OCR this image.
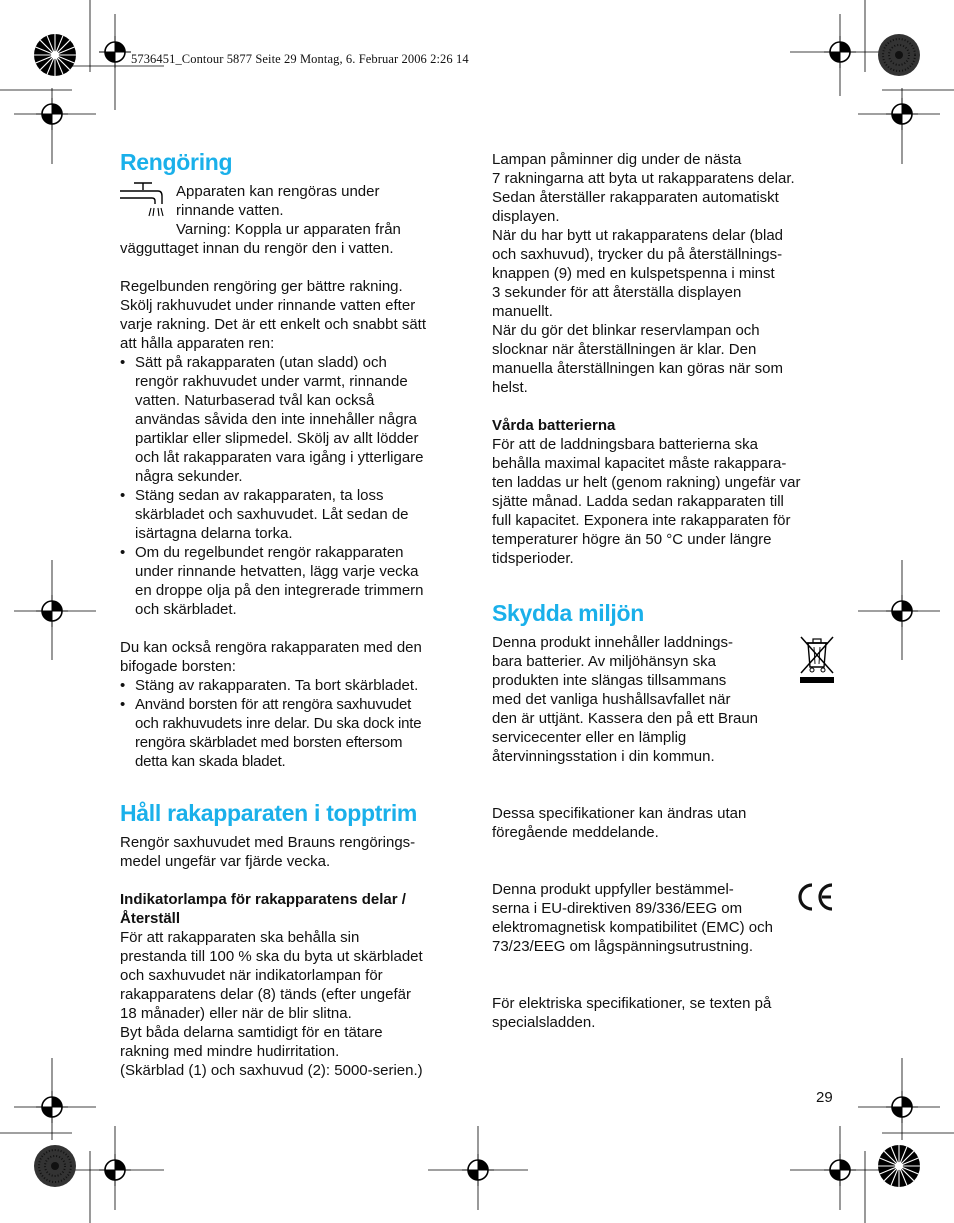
5736451_Contour 5877 Seite 29 Montag, 6. Februar 2006 2:26 14
Rengöring

Apparaten kan rengöras under

rinnande vatten.

Varning: Koppla ur apparaten från

vägguttaget innan du rengör den i vatten.

Regelbunden rengöring ger bättre rakning.

Skölj rakhuvudet under rinnande vatten efter

varje rakning. Det är ett enkelt och snabbt sätt

att hålla apparaten ren:

• Sätt på rakapparaten (utan sladd) och
rengör rakhuvudet under varmt, rinnande
vatten. Naturbaserad tvål kan också
användas såvida den inte innehåller några
partiklar eller slipmedel. Skölj av allt lödder
och låt rakapparaten vara igång i ytterligare
några sekunder.
• Stäng sedan av rakapparaten, ta loss
skärbladet och saxhuvudet. Låt sedan de
isärtagna delarna torka.
• Om du regelbundet rengör rakapparaten
under rinnande hetvatten, lägg varje vecka
en droppe olja på den integrerade trimmern
och skärbladet.

Du kan också rengöra rakapparaten med den

bifogade borsten:

• Stäng av rakapparaten. Ta bort skärbladet.
• Använd borsten för att rengöra saxhuvudet
och rakhuvudets inre delar. Du ska dock inte
rengöra skärbladet med borsten eftersom
detta kan skada bladet.
Håll rakapparaten i topptrim

Rengör saxhuvudet med Brauns rengörings-

medel ungefär var fjärde vecka.

Indikatorlampa för rakapparatens delar /

Återställ

För att rakapparaten ska behålla sin

prestanda till 100 % ska du byta ut skärbladet

och saxhuvudet när indikatorlampan för

rakapparatens delar (8) tänds (efter ungefär

18 månader) eller när de blir slitna.

Byt båda delarna samtidigt för en tätare

rakning med mindre hudirritation.

(Skärblad (1) och saxhuvud (2): 5000-serien.)

Lampan påminner dig under de nästa

7 rakningarna att byta ut rakapparatens delar.

Sedan återställer rakapparaten automatiskt

displayen.

När du har bytt ut rakapparatens delar (blad

och saxhuvud), trycker du på återställnings-

knappen (9) med en kulspetspenna i minst

3 sekunder för att återställa displayen

manuellt.

När du gör det blinkar reservlampan och

slocknar när återställningen är klar. Den

manuella återställningen kan göras när som

helst.

Vårda batterierna

För att de laddningsbara batterierna ska

behålla maximal kapacitet måste rakappara-

ten laddas ur helt (genom rakning) ungefär var

sjätte månad. Ladda sedan rakapparaten till

full kapacitet. Exponera inte rakapparaten för

temperaturer högre än 50 °C under längre

tidsperioder.

Skydda miljön

Denna produkt innehåller laddnings-

bara batterier. Av miljöhänsyn ska

produkten inte slängas tillsammans

med det vanliga hushållsavfallet när

den är uttjänt. Kassera den på ett Braun

servicecenter eller en lämplig

återvinningsstation i din kommun.

Dessa specifikationer kan ändras utan

föregående meddelande.

Denna produkt uppfyller bestämmel-

serna i EU-direktiven 89/336/EEG om

elektromagnetisk kompatibilitet (EMC) och

73/23/EEG om lågspänningsutrustning.

För elektriska specifikationer, se texten på

specialsladden.

29
